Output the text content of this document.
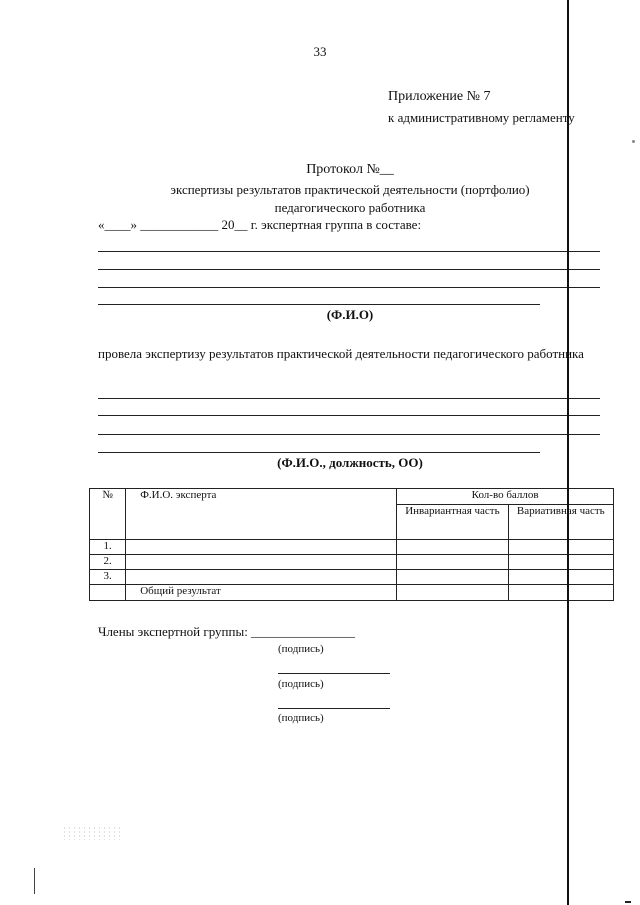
33
Приложение № 7
к административному регламенту
Протокол №__
экспертизы результатов практической деятельности (портфолио)
педагогического работника
«____» ____________ 20__ г. экспертная группа в составе:
(Ф.И.О)
провела экспертизу результатов практической деятельности педагогического работника
(Ф.И.О., должность, ОО)
№	Ф.И.О. эксперта	Кол-во баллов	
		Инвариантная часть	Вариативная часть
1.			
2.			
3.			
	Общий результат		
Члены экспертной группы: ________________
(подпись)
(подпись)
(подпись)
